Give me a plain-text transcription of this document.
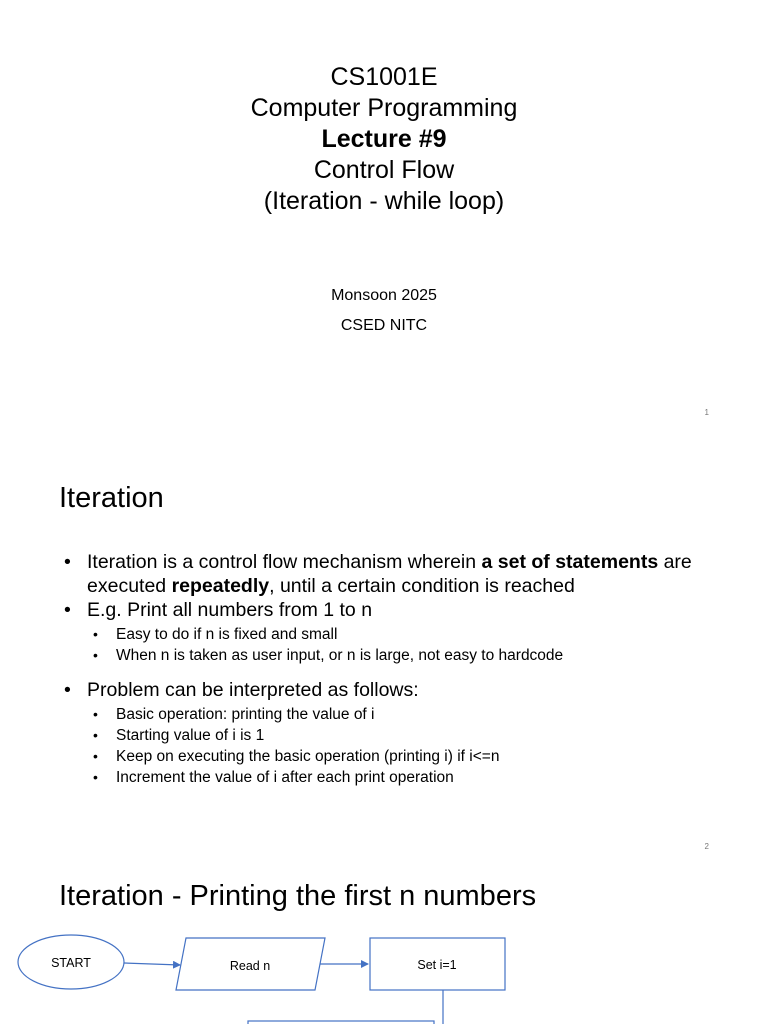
CS1001E
Computer Programming
Lecture #9
Control Flow
(Iteration - while loop)
Monsoon 2025
CSED NITC
1
Iteration
• Iteration is a control flow mechanism wherein a set of statements are executed repeatedly, until a certain condition is reached
• E.g. Print all numbers from 1 to n
• Easy to do if n is fixed and small
• When n is taken as user input, or n is large, not easy to hardcode
• Problem can be interpreted as follows:
• Basic operation: printing the value of i
• Starting value of i is 1
• Keep on executing the basic operation (printing i) if i<=n
• Increment the value of i after each print operation
2
Iteration - Printing the first n numbers
START	Read n	Set i=1
